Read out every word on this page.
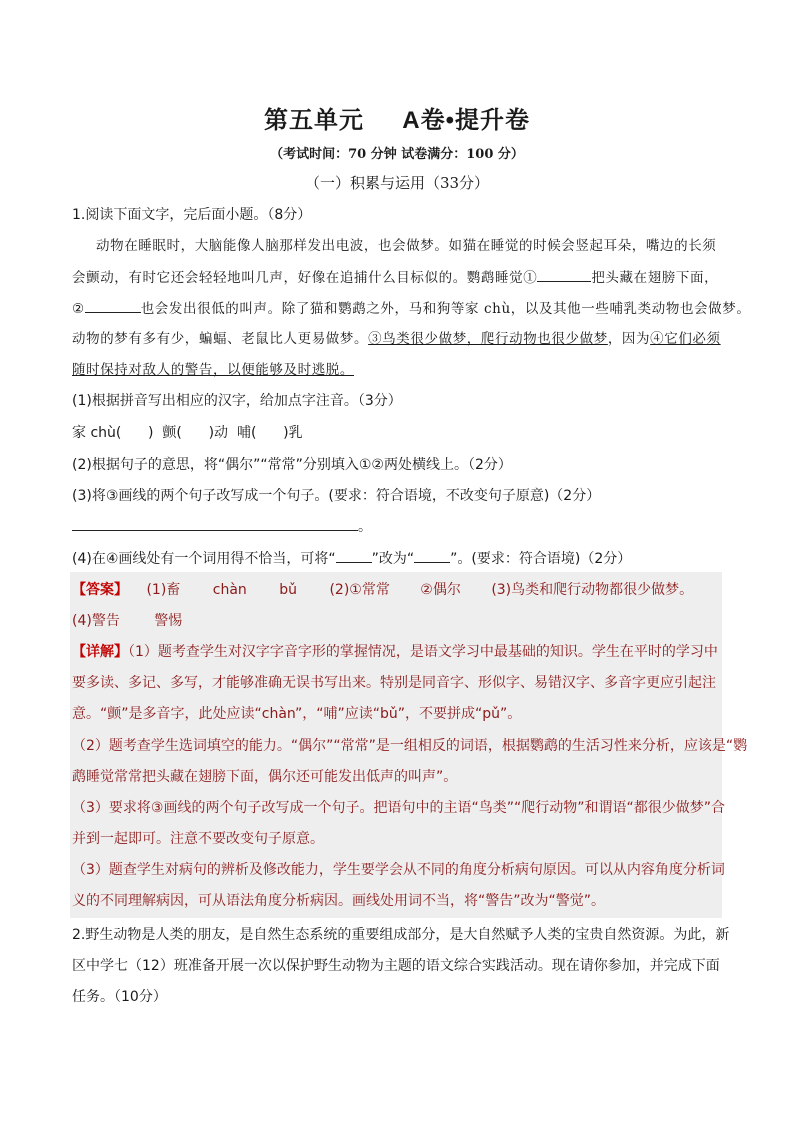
第五单元     A卷•提升卷
（考试时间：70 分钟 试卷满分：100 分）
（一）积累与运用（33分）
1.阅读下面文字，完后面小题。（8分）
动物在睡眠时，大脑能像人脑那样发出电波，也会做梦。如猫在睡觉的时候会竖起耳朵，嘴边的长须
会颤动，有时它还会轻轻地叫几声，好像在追捕什么目标似的。鹦鹉睡觉①	把头藏在翅膀下面，
②	也会发出很低的叫声。除了猫和鹦鹉之外，马和狗等家 chù，以及其他一些哺乳类动物也会做梦。
动物的梦有多有少，蝙蝠、老鼠比人更易做梦。③鸟类很少做梦，爬行动物也很少做梦，因为④它们必须
随时保持对敌人的警告，以便能够及时逃脱。
(1)根据拼音写出相应的汉字，给加点字注音。（3分）
家 chù(      )  颤(      )动  哺(      )乳
(2)根据句子的意思，将“偶尔”“常常”分别填入①②两处横线上。（2分）
(3)将③画线的两个句子改写成一个句子。(要求：符合语境，不改变句子原意)（2分）
。
(4)在④画线处有一个词用得不恰当，可将“	”改为“	”。(要求：符合语境)（2分）
【答案】 (1)畜 chàn bǔ (2)①常常 ②偶尔 (3)鸟类和爬行动物都很少做梦。
(4)警告 警惕
【详解】（1）题考查学生对汉字字音字形的掌握情况，是语文学习中最基础的知识。学生在平时的学习中
要多读、多记、多写，才能够准确无误书写出来。特别是同音字、形似字、易错汉字、多音字更应引起注
意。“颤”是多音字，此处应读“chàn”，“哺”应读“bǔ”，不要拼成“pǔ”。
（2）题考查学生选词填空的能力。“偶尔”“常常”是一组相反的词语，根据鹦鹉的生活习性来分析，应该是“鹦
鹉睡觉常常把头藏在翅膀下面，偶尔还可能发出低声的叫声”。
（3）要求将③画线的两个句子改写成一个句子。把语句中的主语“鸟类”“爬行动物”和谓语“都很少做梦”合
并到一起即可。注意不要改变句子原意。
（3）题查学生对病句的辨析及修改能力，学生要学会从不同的角度分析病句原因。可以从内容角度分析词
义的不同理解病因，可从语法角度分析病因。画线处用词不当，将“警告”改为“警觉”。
2.野生动物是人类的朋友，是自然生态系统的重要组成部分，是大自然赋予人类的宝贵自然资源。为此，新
区中学七（12）班准备开展一次以保护野生动物为主题的语文综合实践活动。现在请你参加，并完成下面
任务。（10分）
